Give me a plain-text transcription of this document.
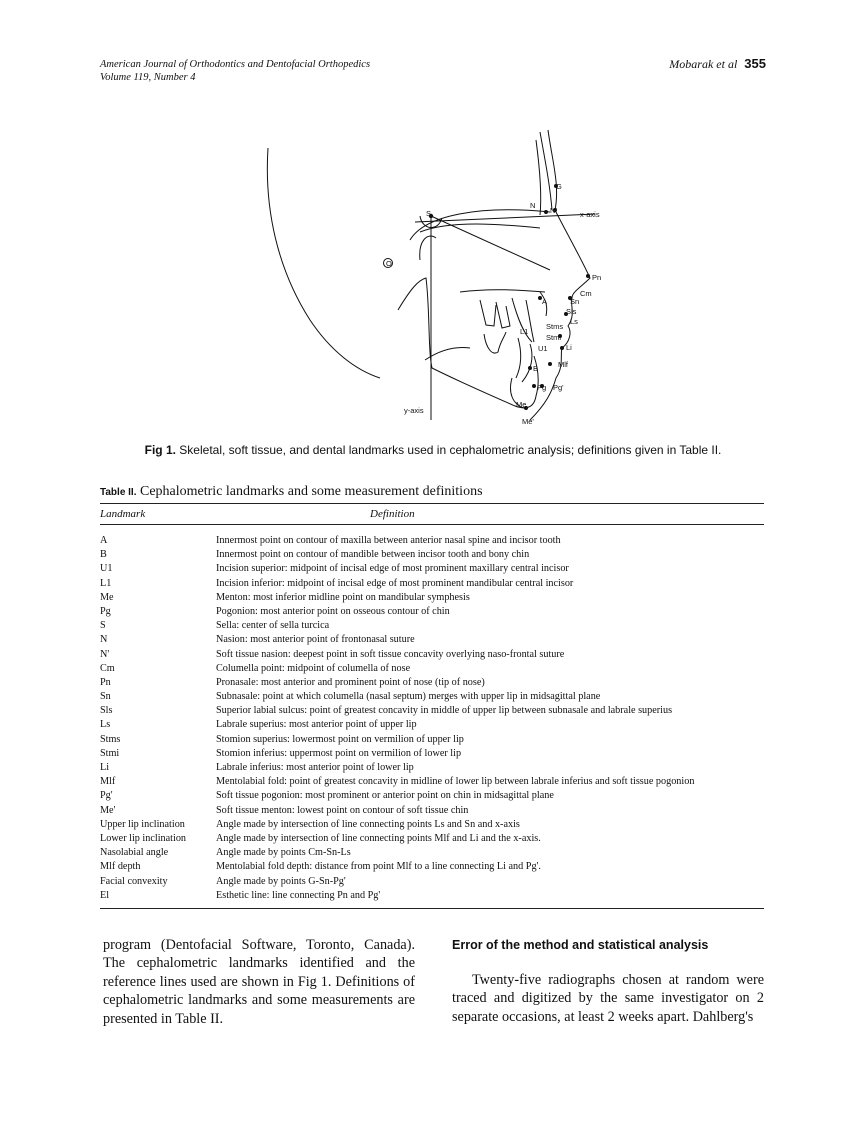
American Journal of Orthodontics and Dentofacial Orthopedics
Volume 119, Number 4
Mobarak et al 355
G
N
N'	x-axis
S
O
Pn
Cm
A	Sn
Sls
Ls
L1
Stms
Stmi
U1 Li
Mlf
B
Pg Pg'
Me
Me'
y-axis
Fig 1. Skeletal, soft tissue, and dental landmarks used in cephalometric analysis; definitions given in Table II.
Table II. Cephalometric landmarks and some measurement definitions
Landmark	Definition
A	Innermost point on contour of maxilla between anterior nasal spine and incisor tooth
B	Innermost point on contour of mandible between incisor tooth and bony chin
U1	Incision superior: midpoint of incisal edge of most prominent maxillary central incisor
L1	Incision inferior: midpoint of incisal edge of most prominent mandibular central incisor
Me	Menton: most inferior midline point on mandibular symphesis
Pg	Pogonion: most anterior point on osseous contour of chin
S	Sella: center of sella turcica
N	Nasion: most anterior point of frontonasal suture
N'	Soft tissue nasion: deepest point in soft tissue concavity overlying naso-frontal suture
Cm	Columella point: midpoint of columella of nose
Pn	Pronasale: most anterior and prominent point of nose (tip of nose)
Sn	Subnasale: point at which columella (nasal septum) merges with upper lip in midsagittal plane
Sls	Superior labial sulcus: point of greatest concavity in middle of upper lip between subnasale and labrale superius
Ls	Labrale superius: most anterior point of upper lip
Stms	Stomion superius: lowermost point on vermilion of upper lip
Stmi	Stomion inferius: uppermost point on vermilion of lower lip
Li	Labrale inferius: most anterior point of lower lip
Mlf	Mentolabial fold: point of greatest concavity in midline of lower lip between labrale inferius and soft tissue pogonion
Pg'	Soft tissue pogonion: most prominent or anterior point on chin in midsagittal plane
Me'	Soft tissue menton: lowest point on contour of soft tissue chin
Upper lip inclination	Angle made by intersection of line connecting points Ls and Sn and x-axis
Lower lip inclination	Angle made by intersection of line connecting points Mlf and Li and the x-axis.
Nasolabial angle	Angle made by points Cm-Sn-Ls
Mlf depth	Mentolabial fold depth: distance from point Mlf to a line connecting Li and Pg'.
Facial convexity	Angle made by points G-Sn-Pg'
El	Esthetic line: line connecting Pn and Pg'
program (Dentofacial Software, Toronto, Canada). The cephalometric landmarks identified and the reference lines used are shown in Fig 1. Definitions of cephalometric landmarks and some measurements are presented in Table II.
Error of the method and statistical analysis
Twenty-five radiographs chosen at random were traced and digitized by the same investigator on 2 separate occasions, at least 2 weeks apart. Dahlberg's
